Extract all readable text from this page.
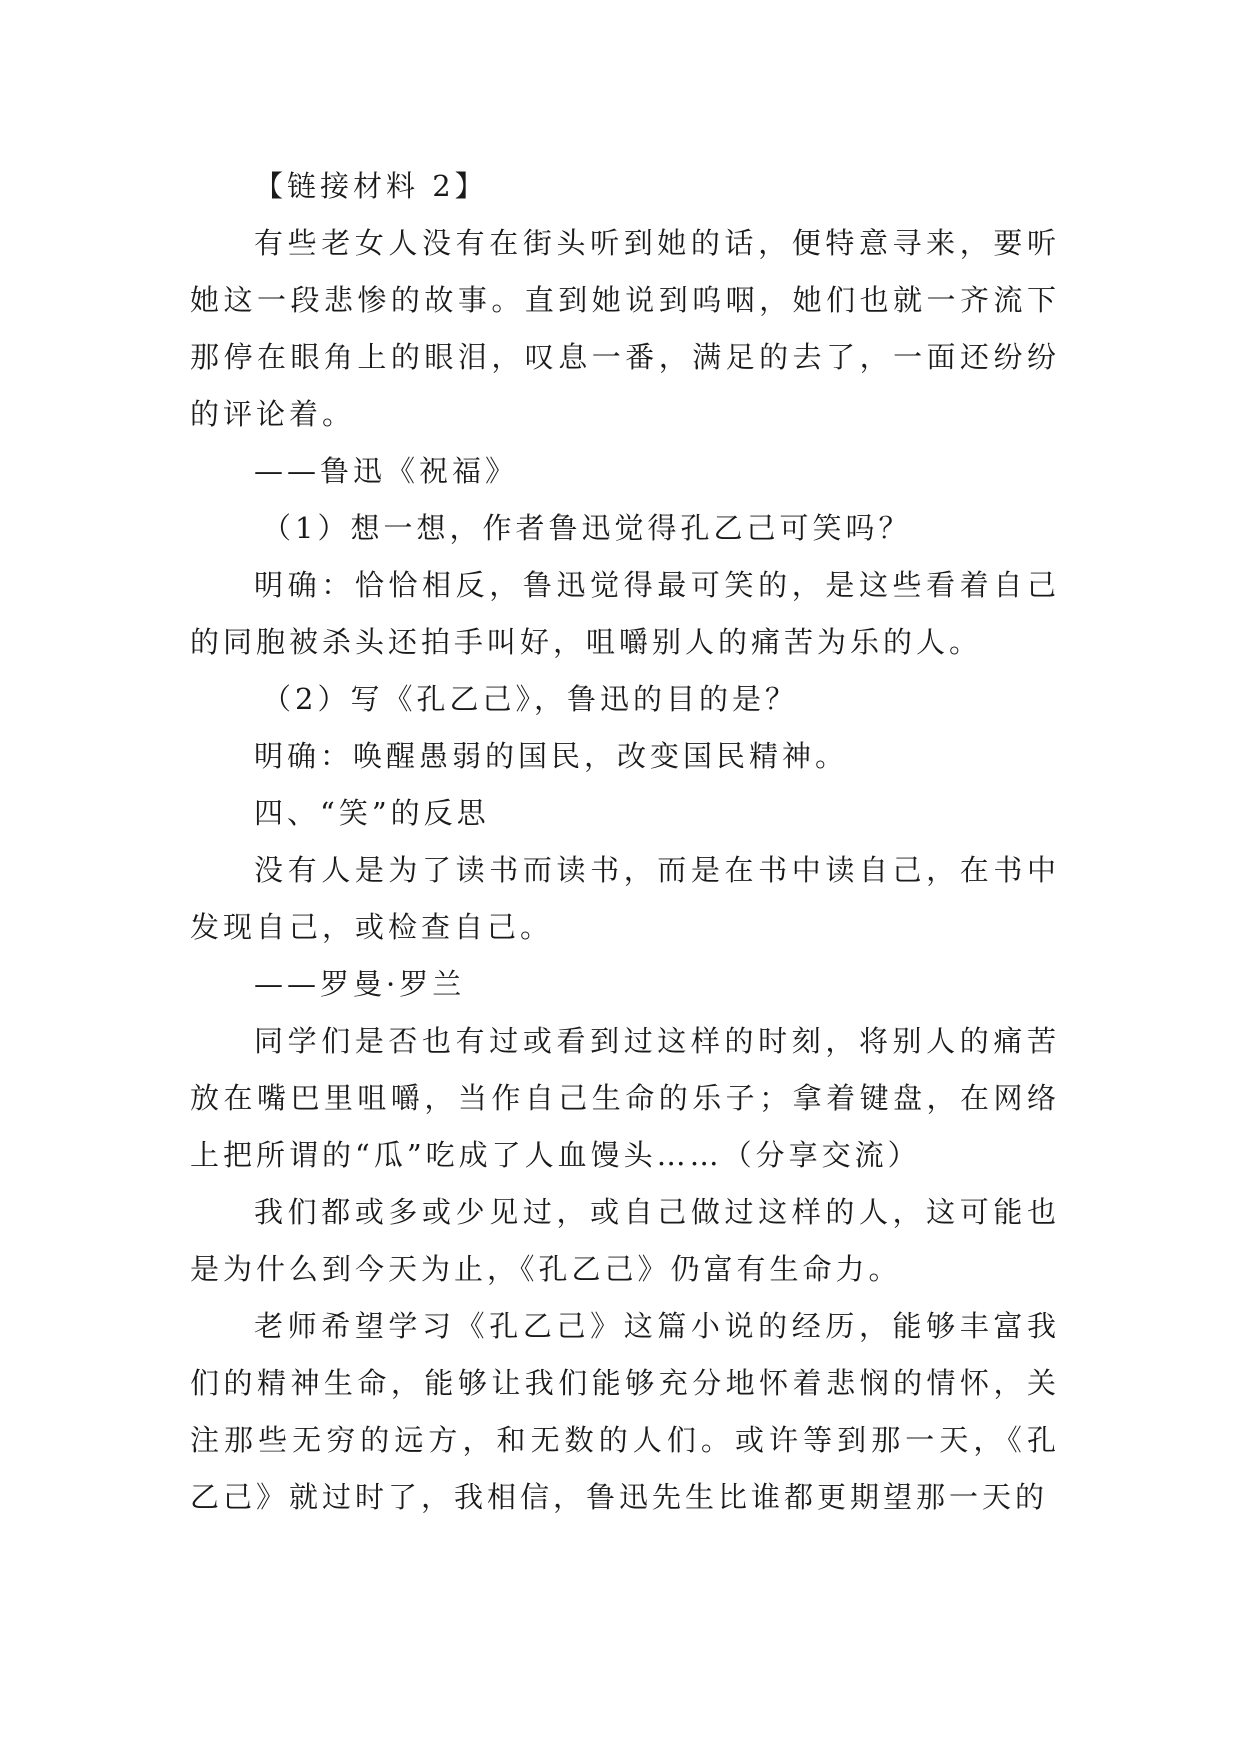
【链接材料 2】

有些老女人没有在街头听到她的话，便特意寻来，要听她这一段悲惨的故事。直到她说到呜咽，她们也就一齐流下那停在眼角上的眼泪，叹息一番，满足的去了，一面还纷纷的评论着。

——鲁迅《祝福》

（1）想一想，作者鲁迅觉得孔乙己可笑吗？

明确：恰恰相反，鲁迅觉得最可笑的，是这些看着自己的同胞被杀头还拍手叫好，咀嚼别人的痛苦为乐的人。

（2）写《孔乙己》，鲁迅的目的是？

明确：唤醒愚弱的国民，改变国民精神。

四、“笑”的反思

没有人是为了读书而读书，而是在书中读自己，在书中发现自己，或检查自己。

——罗曼·罗兰

同学们是否也有过或看到过这样的时刻，将别人的痛苦放在嘴巴里咀嚼，当作自己生命的乐子；拿着键盘，在网络上把所谓的“瓜”吃成了人血馒头……（分享交流）

我们都或多或少见过，或自己做过这样的人，这可能也是为什么到今天为止，《孔乙己》仍富有生命力。

老师希望学习《孔乙己》这篇小说的经历，能够丰富我们的精神生命，能够让我们能够充分地怀着悲悯的情怀，关注那些无穷的远方，和无数的人们。或许等到那一天，《孔乙己》就过时了，我相信，鲁迅先生比谁都更期望那一天的
